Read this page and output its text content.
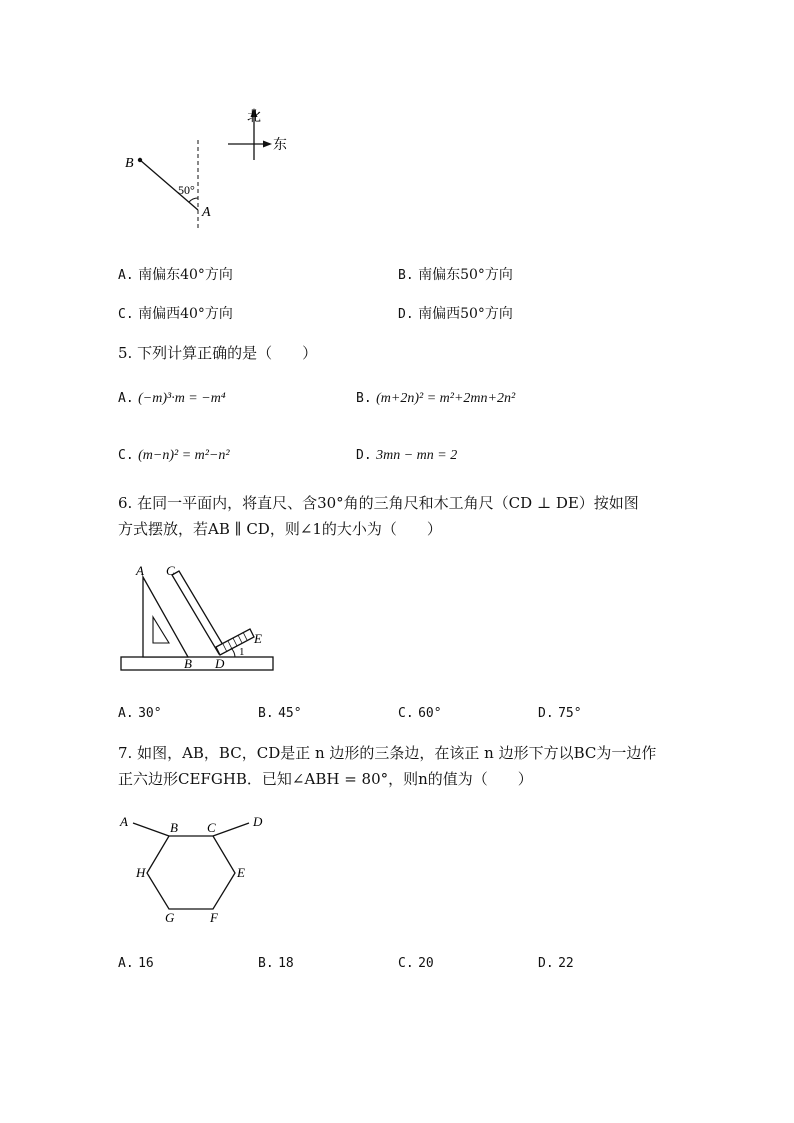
北
东
B
50°
A
A. 南偏东40°方向	B. 南偏东50°方向
C. 南偏西40°方向	D. 南偏西50°方向
5. 下列计算正确的是（　　）
A. (−m)³·m = −m⁴	B. (m+2n)² = m²+2mn+2n²
C. (m−n)² = m²−n²	D. 3mn − mn = 2
6. 在同一平面内，将直尺、含30°角的三角尺和木工角尺（CD ⊥ DE）按如图
方式摆放，若AB ∥ CD，则∠1的大小为（　　）
A C
B D
E
1
A. 30°	B. 45°	C. 60°	D. 75°
7. 如图，AB，BC，CD是正 n 边形的三条边，在该正 n 边形下方以BC为一边作
正六边形CEFGHB．已知∠ABH = 80°，则n的值为（　　）
A	B C	D
H	E
G	F
A. 16	B. 18	C. 20	D. 22
